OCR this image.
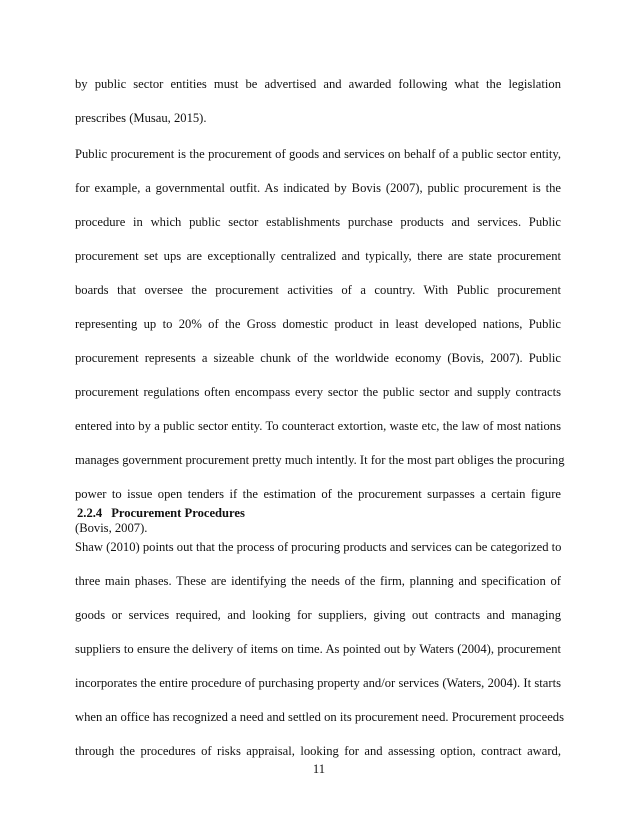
by public sector entities must be advertised and awarded following what the legislation
prescribes (Musau, 2015).
Public procurement is the procurement of goods and services on behalf of a public sector entity,
for example, a governmental outfit. As indicated by Bovis (2007), public procurement is the
procedure in which public sector establishments purchase products and services. Public
procurement set ups are exceptionally centralized and typically, there are state procurement
boards that oversee the procurement activities of a country. With Public procurement
representing up to 20% of the Gross domestic product in least developed nations, Public
procurement represents a sizeable chunk of the worldwide economy (Bovis, 2007). Public
procurement regulations often encompass every sector the public sector and supply contracts
entered into by a public sector entity. To counteract extortion, waste etc, the law of most nations
manages government procurement pretty much intently. It for the most part obliges the procuring
power to issue open tenders if the estimation of the procurement surpasses a certain figure
(Bovis, 2007).
2.2.4 Procurement Procedures
Shaw (2010) points out that the process of procuring products and services can be categorized to
three main phases. These are identifying the needs of the firm, planning and specification of
goods or services required, and looking for suppliers, giving out contracts and managing
suppliers to ensure the delivery of items on time. As pointed out by Waters (2004), procurement
incorporates the entire procedure of purchasing property and/or services (Waters, 2004). It starts
when an office has recognized a need and settled on its procurement need. Procurement proceeds
through the procedures of risks appraisal, looking for and assessing option, contract award,
11
